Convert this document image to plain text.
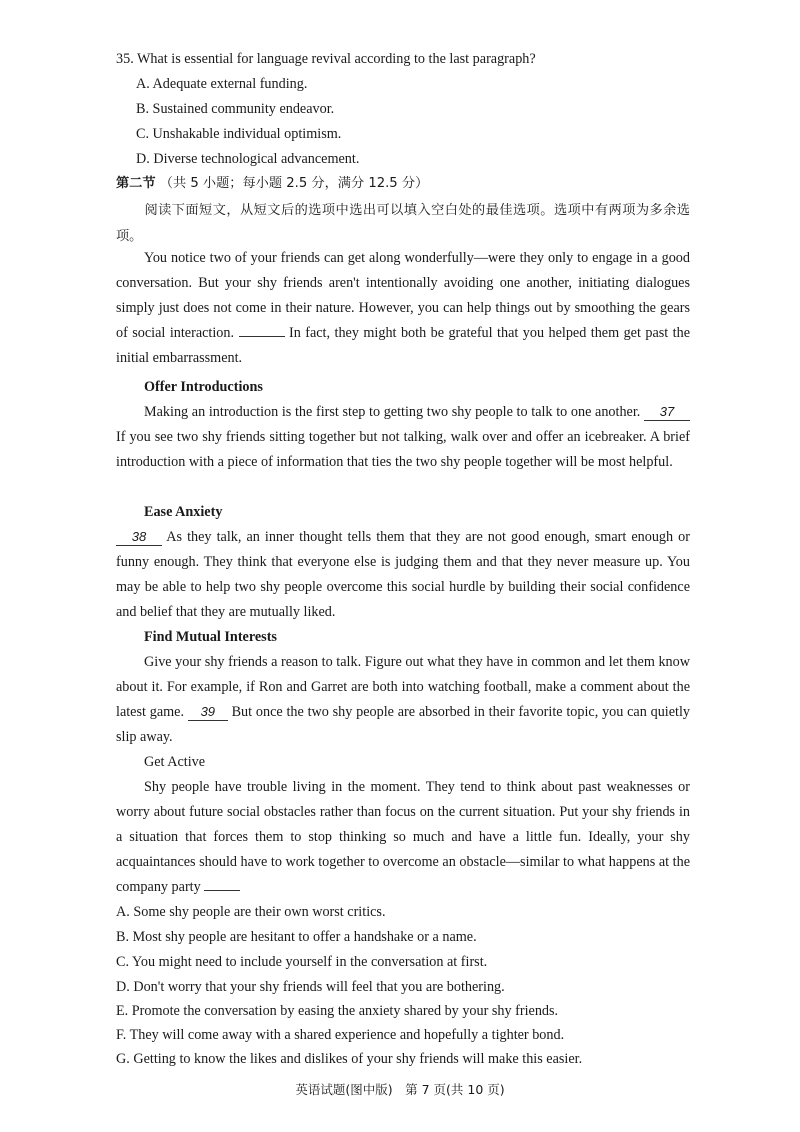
35. What is essential for language revival according to the last paragraph?
A. Adequate external funding.
B. Sustained community endeavor.
C. Unshakable individual optimism.
D. Diverse technological advancement.
第二节 （共 5 小题；每小题 2.5 分，满分 12.5 分）
阅读下面短文，从短文后的选项中选出可以填入空白处的最佳选项。选项中有两项为多余选项。

You notice two of your friends can get along wonderfully—were they only to engage in a good conversation. But your shy friends aren't intentionally avoiding one another, initiating dialogues simply just does not come in their nature. However, you can help things out by smoothing the gears of social interaction.	In fact, they might both be grateful that you helped them get past the initial embarrassment.

Offer Introductions

Making an introduction is the first step to getting two shy people to talk to one another. 37 If you see two shy friends sitting together but not talking, walk over and offer an icebreaker. A brief introduction with a piece of information that ties the two shy people together will be most helpful.

Ease Anxiety

38 As they talk, an inner thought tells them that they are not good enough, smart enough or funny enough. They think that everyone else is judging them and that they never measure up. You may be able to help two shy people overcome this social hurdle by building their social confidence and belief that they are mutually liked.

Find Mutual Interests

Give your shy friends a reason to talk. Figure out what they have in common and let them know about it. For example, if Ron and Garret are both into watching football, make a comment about the latest game. 39 But once the two shy people are absorbed in their favorite topic, you can quietly slip away.

Get Active

Shy people have trouble living in the moment. They tend to think about past weaknesses or worry about future social obstacles rather than focus on the current situation. Put your shy friends in a situation that forces them to stop thinking so much and have a little fun. Ideally, your shy acquaintances should have to work together to overcome an obstacle—similar to what happens at the company party

A. Some shy people are their own worst critics.
B. Most shy people are hesitant to offer a handshake or a name.
C. You might need to include yourself in the conversation at first.
D. Don't worry that your shy friends will feel that you are bothering.
E. Promote the conversation by easing the anxiety shared by your shy friends.
F. They will come away with a shared experience and hopefully a tighter bond.
G. Getting to know the likes and dislikes of your shy friends will make this easier.
英语试题(图中版)　第 7 页(共 10 页)
